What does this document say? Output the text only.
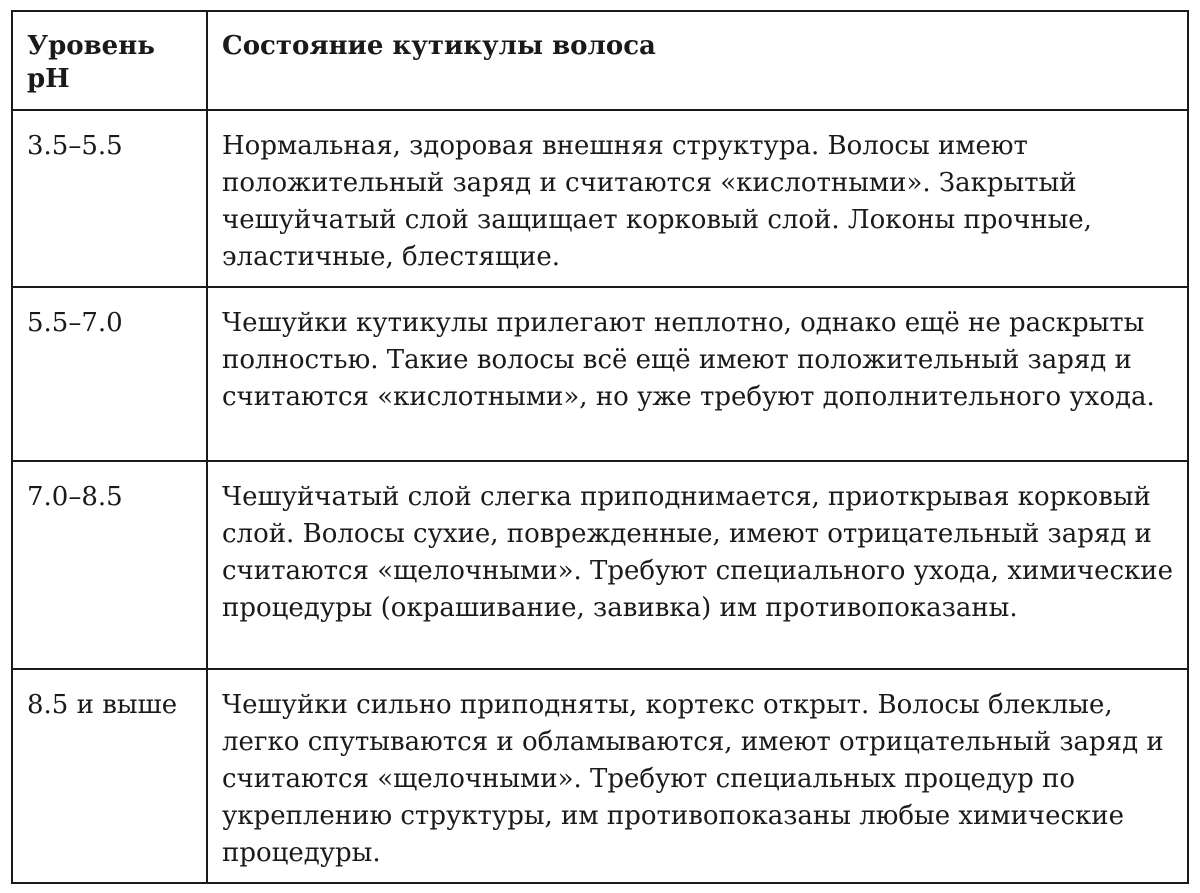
Уровень pH	Состояние кутикулы волоса

3.5–5.5	Нормальная, здоровая внешняя структура. Волосы имеют положительный заряд и считаются «кислотными». Закрытый чешуйчатый слой защищает корковый слой. Локоны прочные, эластичные, блестящие.

5.5–7.0	Чешуйки кутикулы прилегают неплотно, однако ещё не раскрыты полностью. Такие волосы всё ещё имеют положительный заряд и считаются «кислотными», но уже требуют дополнительного ухода.

7.0–8.5	Чешуйчатый слой слегка приподнимается, приоткрывая корковый слой. Волосы сухие, поврежденные, имеют отрицательный заряд и считаются «щелочными». Требуют специального ухода, химические процедуры (окрашивание, завивка) им противопоказаны.

8.5 и выше	Чешуйки сильно приподняты, кортекс открыт. Волосы блеклые, легко спутываются и обламываются, имеют отрицательный заряд и считаются «щелочными». Требуют специальных процедур по укреплению структуры, им противопоказаны любые химические процедуры.
